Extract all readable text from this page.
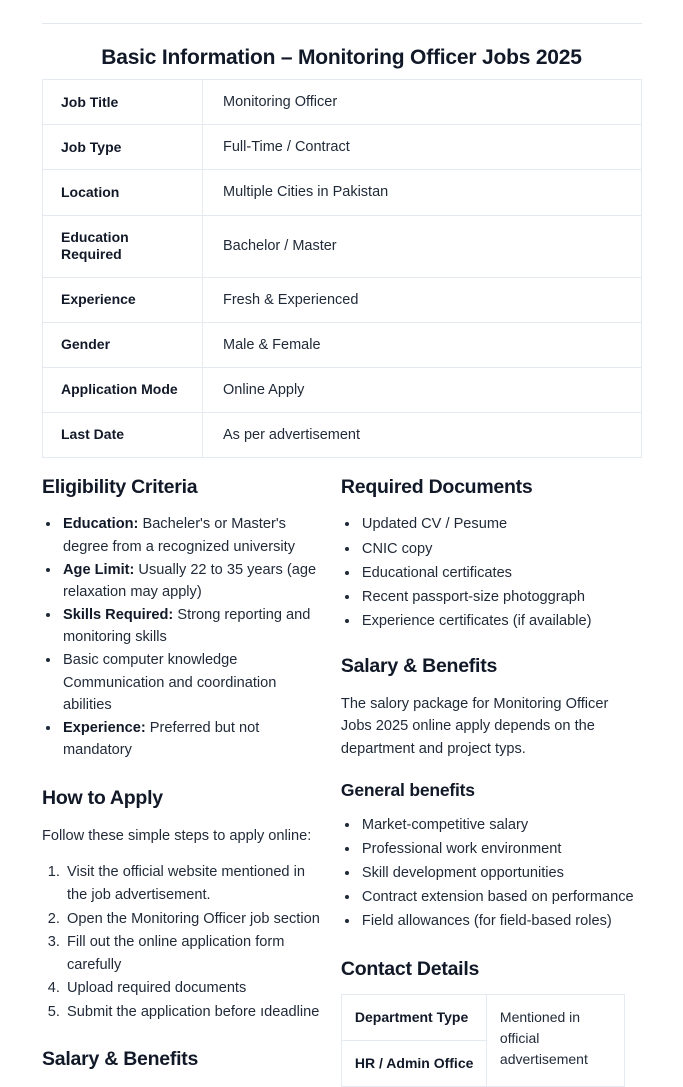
Basic Information – Monitoring Officer Jobs 2025
Job Title	Monitoring Officer
Job Type	Full-Time / Contract
Location	Multiple Cities in Pakistan
Education Required	Bachelor / Master
Experience	Fresh & Experienced
Gender	Male & Female
Application Mode	Online Apply
Last Date	As per advertisement
Eligibility Criteria
• Education: Bacheler's or Master's degree from a recognized university
• Age Limit: Usually 22 to 35 years (age relaxation may apply)
• Skills Required: Strong reporting and monitoring skills
• Basic computer knowledge Communication and coordination abilities
• Experience: Preferred but not mandatory
How to Apply

Follow these simple steps to apply online:

1. Visit the official website mentioned in the job advertisement.
2. Open the Monitoring Officer job section
3. Fill out the online application form carefully
4. Upload required documents
5. Submit the application before ıdeadline
Salary & Benefits
Required Documents
• Updated CV / Pesume
• CNIC copy
• Educational certificates
• Recent passport-size photoggraph
• Experience certificates (if available)
Salary & Benefits

The salory package for Monitoring Officer Jobs 2025 online apply depends on the department and project typs.

General benefits
• Market-competitive salary
• Professional work environment
• Skill development opportunities
• Contract extension based on performance
• Field allowances (for field-based roles)
Contact Details
Department Type	Mentioned in official advertisement
HR / Admin Office
